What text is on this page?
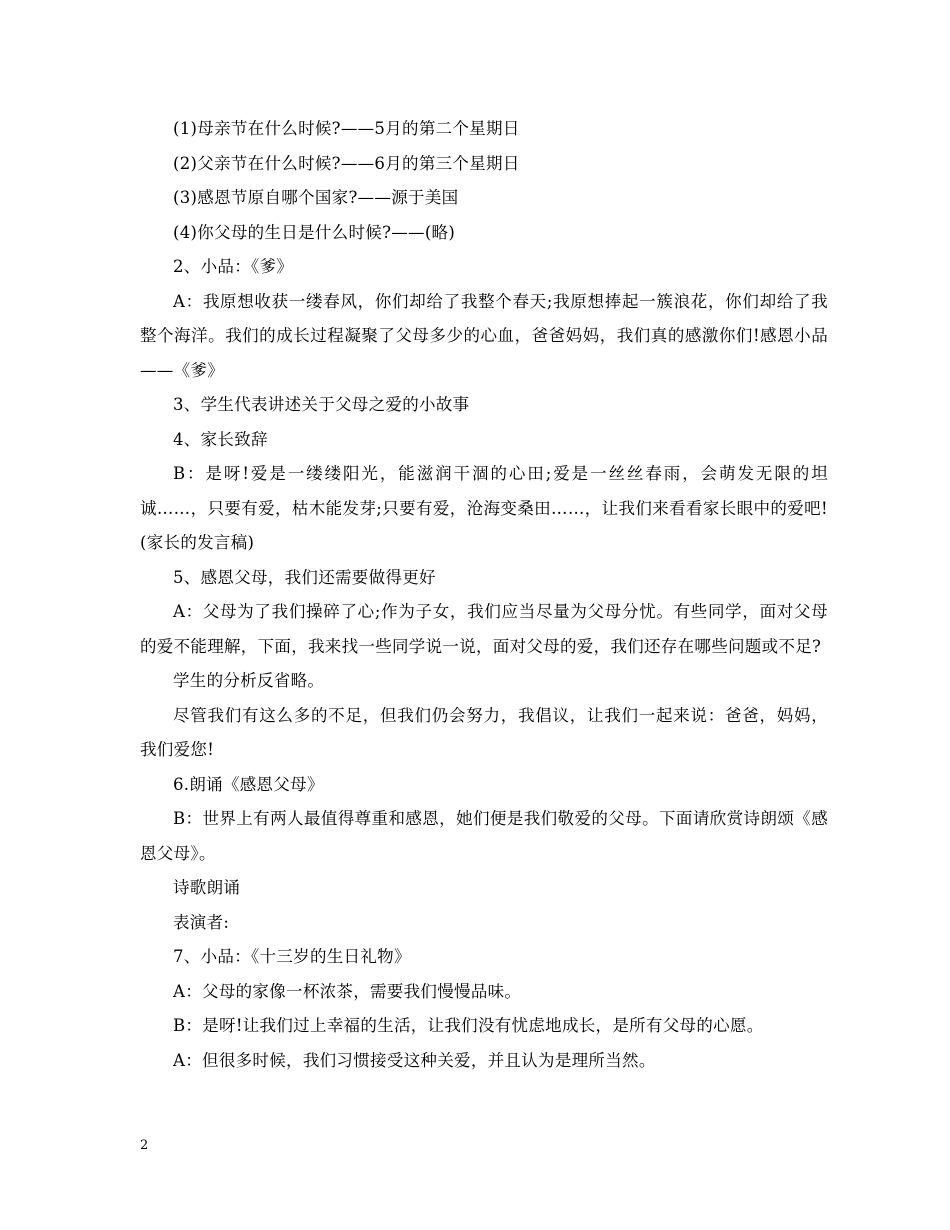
(1)母亲节在什么时候?——5月的第二个星期日

(2)父亲节在什么时候?——6月的第三个星期日

(3)感恩节原自哪个国家?——源于美国

(4)你父母的生日是什么时候?——(略)

2、小品：《爹》

A：我原想收获一缕春风，你们却给了我整个春天;我原想捧起一簇浪花，你们却给了我整个海洋。我们的成长过程凝聚了父母多少的心血，爸爸妈妈，我们真的感激你们!感恩小品——《爹》

3、学生代表讲述关于父母之爱的小故事

4、家长致辞

B：是呀!爱是一缕缕阳光，能滋润干涸的心田;爱是一丝丝春雨，会萌发无限的坦诚……，只要有爱，枯木能发芽;只要有爱，沧海变桑田……，让我们来看看家长眼中的爱吧!(家长的发言稿)

5、感恩父母，我们还需要做得更好

A：父母为了我们操碎了心;作为子女，我们应当尽量为父母分忧。有些同学，面对父母的爱不能理解，下面，我来找一些同学说一说，面对父母的爱，我们还存在哪些问题或不足?

学生的分析反省略。

尽管我们有这么多的不足，但我们仍会努力，我倡议，让我们一起来说：爸爸，妈妈，我们爱您!

6.朗诵《感恩父母》

B：世界上有两人最值得尊重和感恩，她们便是我们敬爱的父母。下面请欣赏诗朗颂《感恩父母》。

诗歌朗诵

表演者:

7、小品：《十三岁的生日礼物》

A：父母的家像一杯浓茶，需要我们慢慢品味。

B：是呀!让我们过上幸福的生活，让我们没有忧虑地成长，是所有父母的心愿。

A：但很多时候，我们习惯接受这种关爱，并且认为是理所当然。

2
